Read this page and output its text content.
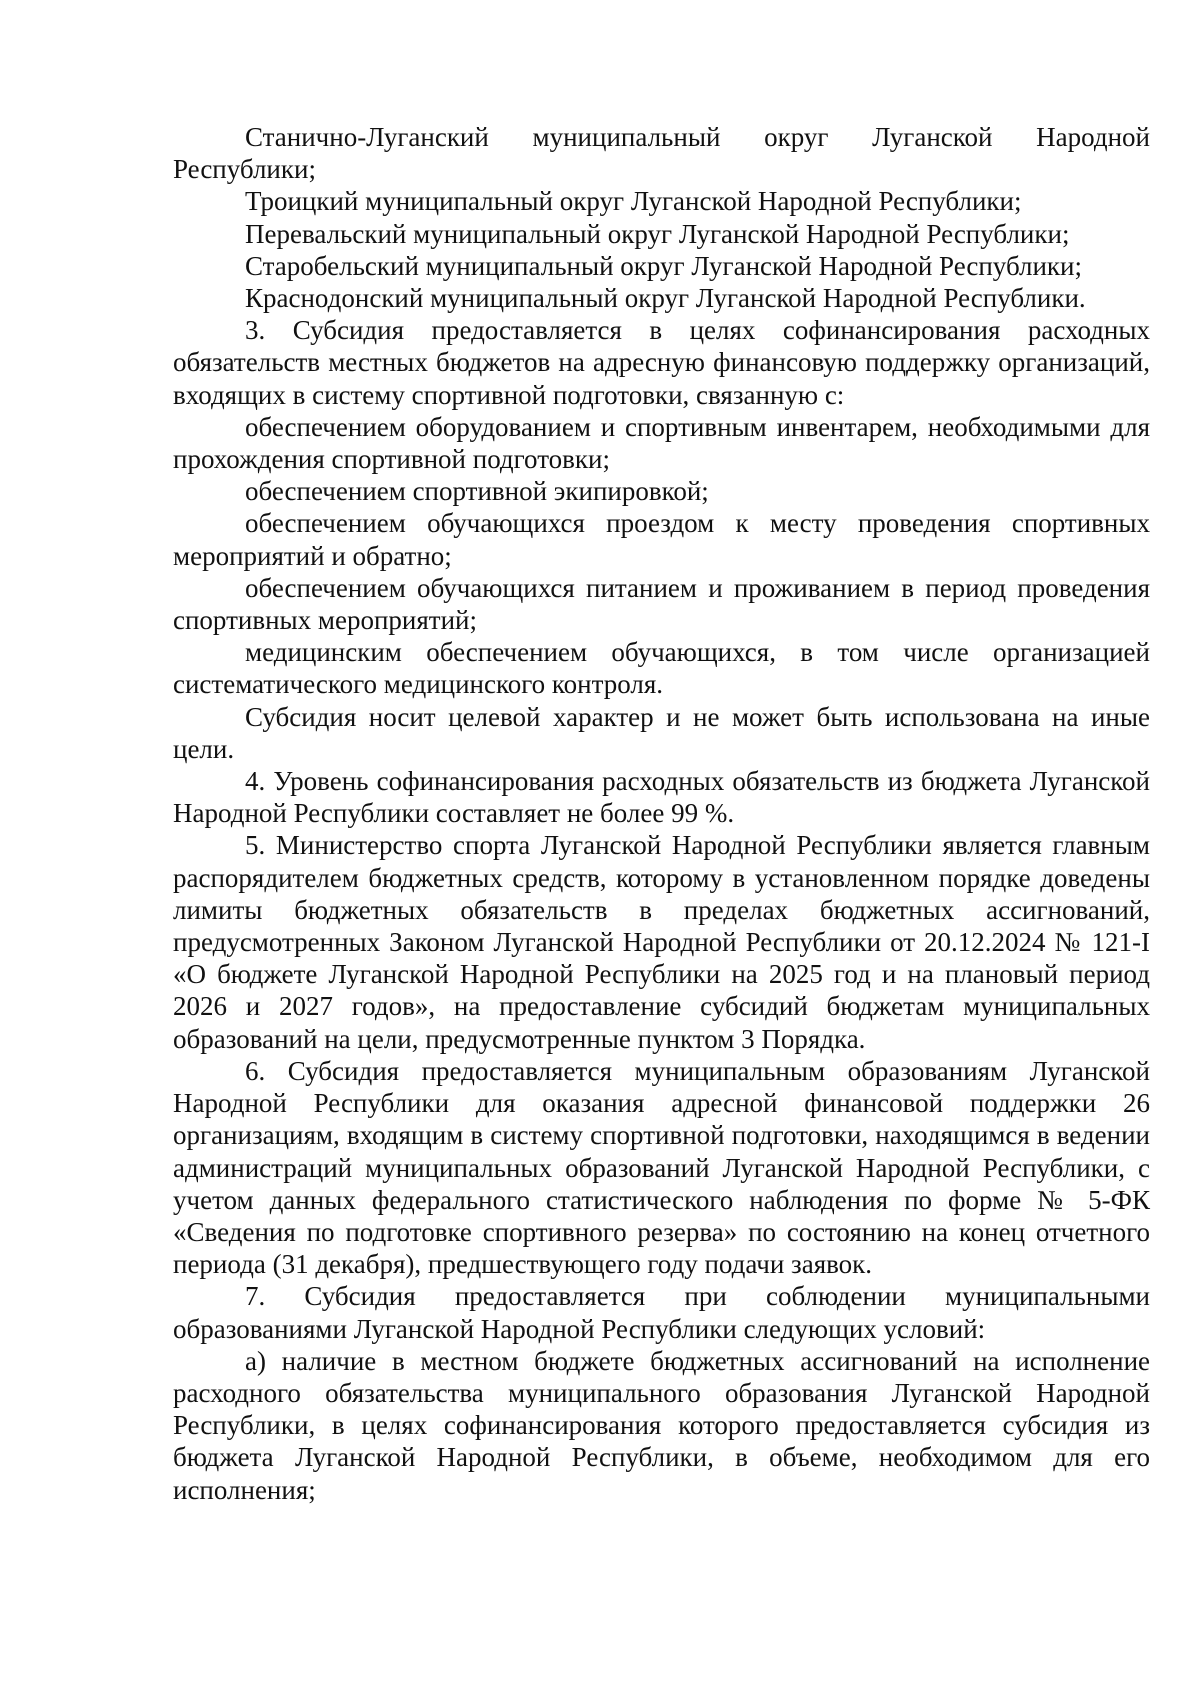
Станично-Луганский муниципальный округ Луганской Народной Республики;

Троицкий муниципальный округ Луганской Народной Республики;

Перевальский муниципальный округ Луганской Народной Республики;

Старобельский муниципальный округ Луганской Народной Республики;

Краснодонский муниципальный округ Луганской Народной Республики.

3. Субсидия предоставляется в целях софинансирования расходных обязательств местных бюджетов на адресную финансовую поддержку организаций, входящих в систему спортивной подготовки, связанную с:

обеспечением оборудованием и спортивным инвентарем, необходимыми для прохождения спортивной подготовки;

обеспечением спортивной экипировкой;

обеспечением обучающихся проездом к месту проведения спортивных мероприятий и обратно;

обеспечением обучающихся питанием и проживанием в период проведения спортивных мероприятий;

медицинским обеспечением обучающихся, в том числе организацией систематического медицинского контроля.

Субсидия носит целевой характер и не может быть использована на иные цели.

4. Уровень софинансирования расходных обязательств из бюджета Луганской Народной Республики составляет не более 99 %.

5. Министерство спорта Луганской Народной Республики является главным распорядителем бюджетных средств, которому в установленном порядке доведены лимиты бюджетных обязательств в пределах бюджетных ассигнований, предусмотренных Законом Луганской Народной Республики от 20.12.2024 № 121-I «О бюджете Луганской Народной Республики на 2025 год и на плановый период 2026 и 2027 годов», на предоставление субсидий бюджетам муниципальных образований на цели, предусмотренные пунктом 3 Порядка.

6. Субсидия предоставляется муниципальным образованиям Луганской Народной Республики для оказания адресной финансовой поддержки 26 организациям, входящим в систему спортивной подготовки, находящимся в ведении администраций муниципальных образований Луганской Народной Республики, с учетом данных федерального статистического наблюдения по форме № 5-ФК «Сведения по подготовке спортивного резерва» по состоянию на конец отчетного периода (31 декабря), предшествующего году подачи заявок.

7. Субсидия предоставляется при соблюдении муниципальными образованиями Луганской Народной Республики следующих условий:

а) наличие в местном бюджете бюджетных ассигнований на исполнение расходного обязательства муниципального образования Луганской Народной Республики, в целях софинансирования которого предоставляется субсидия из бюджета Луганской Народной Республики, в объеме, необходимом для его исполнения;
